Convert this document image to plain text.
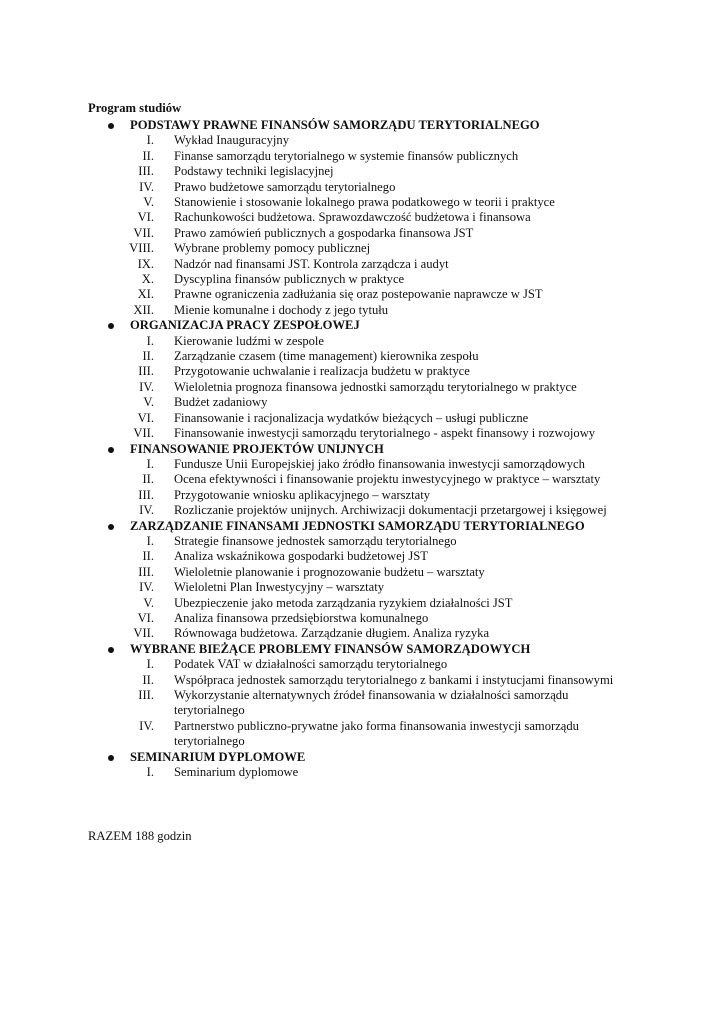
Program studiów
PODSTAWY PRAWNE FINANSÓW SAMORZĄDU TERYTORIALNEGO
I. Wykład Inauguracyjny
II. Finanse samorządu terytorialnego w systemie finansów publicznych
III. Podstawy techniki legislacyjnej
IV. Prawo budżetowe samorządu terytorialnego
V. Stanowienie i stosowanie lokalnego prawa podatkowego w teorii i praktyce
VI. Rachunkowości budżetowa. Sprawozdawczość budżetowa i finansowa
VII. Prawo zamówień publicznych a gospodarka finansowa JST
VIII. Wybrane problemy pomocy publicznej
IX. Nadzór nad finansami JST. Kontrola zarządcza i audyt
X. Dyscyplina finansów publicznych w praktyce
XI. Prawne ograniczenia zadłużania się oraz postepowanie naprawcze w JST
XII. Mienie komunalne i dochody z jego tytułu
ORGANIZACJA PRACY ZESPOŁOWEJ
I. Kierowanie ludźmi w zespole
II. Zarządzanie czasem (time management) kierownika zespołu
III. Przygotowanie uchwalanie i realizacja budżetu w praktyce
IV. Wieloletnia prognoza finansowa jednostki samorządu terytorialnego w praktyce
V. Budżet zadaniowy
VI. Finansowanie i racjonalizacja wydatków bieżących – usługi publiczne
VII. Finansowanie inwestycji samorządu terytorialnego - aspekt finansowy i rozwojowy
FINANSOWANIE PROJEKTÓW UNIJNYCH
I. Fundusze Unii Europejskiej jako źródło finansowania inwestycji samorządowych
II. Ocena efektywności i finansowanie projektu inwestycyjnego w praktyce – warsztaty
III. Przygotowanie wniosku aplikacyjnego – warsztaty
IV. Rozliczanie projektów unijnych. Archiwizacji dokumentacji przetargowej i księgowej
ZARZĄDZANIE FINANSAMI JEDNOSTKI SAMORZĄDU TERYTORIALNEGO
I. Strategie finansowe jednostek samorządu terytorialnego
II. Analiza wskaźnikowa gospodarki budżetowej JST
III. Wieloletnie planowanie i prognozowanie budżetu – warsztaty
IV. Wieloletni Plan Inwestycyjny – warsztaty
V. Ubezpieczenie jako metoda zarządzania ryzykiem działalności JST
VI. Analiza finansowa przedsiębiorstwa komunalnego
VII. Równowaga budżetowa. Zarządzanie długiem. Analiza ryzyka
WYBRANE BIEŻĄCE PROBLEMY FINANSÓW SAMORZĄDOWYCH
I. Podatek VAT w działalności samorządu terytorialnego
II. Współpraca jednostek samorządu terytorialnego z bankami i instytucjami finansowymi
III. Wykorzystanie alternatywnych źródeł finansowania w działalności samorządu terytorialnego
IV. Partnerstwo publiczno-prywatne jako forma finansowania inwestycji samorządu terytorialnego
SEMINARIUM DYPLOMOWE
I. Seminarium dyplomowe
RAZEM 188 godzin
